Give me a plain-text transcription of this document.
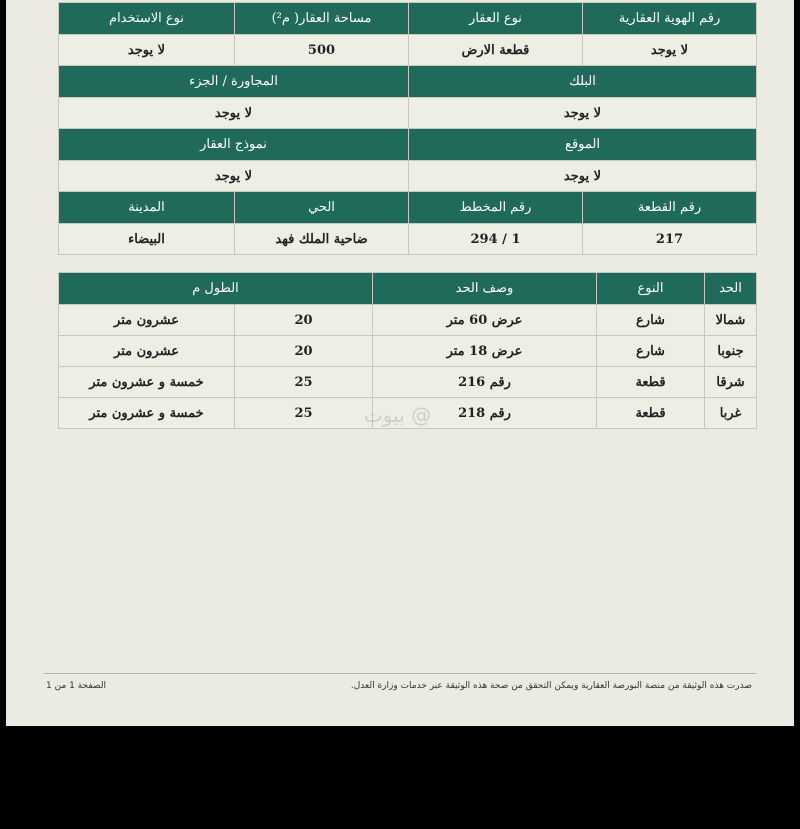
رقم الهوية العقارية	نوع العقار	مساحة العقار( م²)	نوع الاستخدام
لا يوجد	قطعة الارض	500	لا يوجد
البلك		المجاورة / الجزء	
لا يوجد		لا يوجد	
الموقع		نموذج العقار	
لا يوجد		لا يوجد	
رقم القطعة	رقم المخطط	الحي	المدينة
217	1 / 294	ضاحية الملك فهد	البيضاء
الحد	النوع	وصف الحد	الطول م	
شمالا	شارع	عرض 60 متر	20	عشرون متر
جنوبا	شارع	عرض 18 متر	20	عشرون متر
شرقا	قطعة	رقم 216	25	خمسة و عشرون متر
غربا	قطعة	رقم 218	25	خمسة و عشرون متر	بيوت @
صدرت هذه الوثيقة من منصة البورصة العقارية ويمكن التحقق من صحة هذه الوثيقة عبر خدمات وزارة العدل.
الصفحة 1 من 1
